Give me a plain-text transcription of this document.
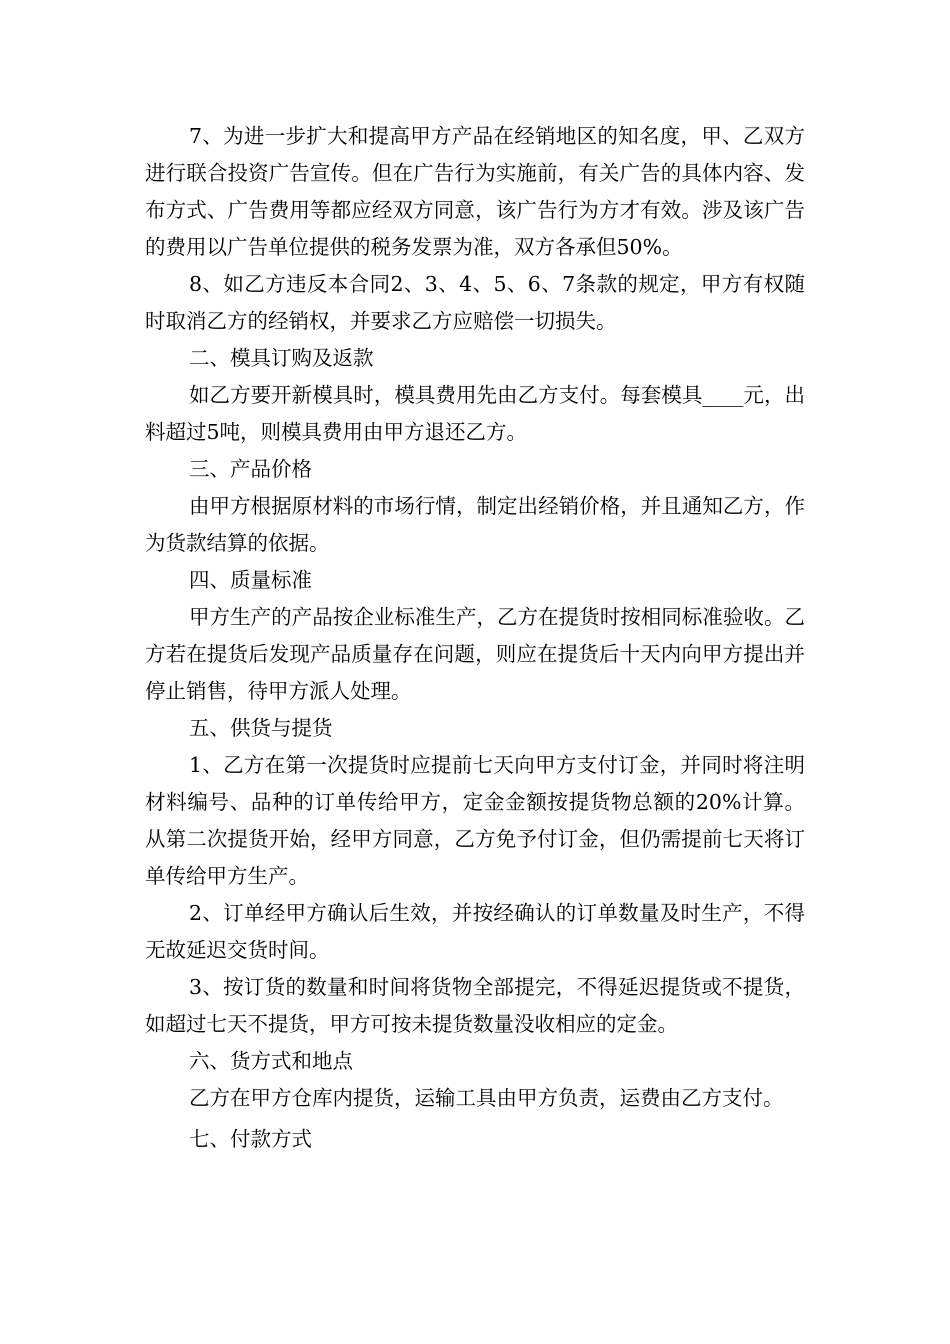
7、为进一步扩大和提高甲方产品在经销地区的知名度，甲、乙双方进行联合投资广告宣传。但在广告行为实施前，有关广告的具体内容、发布方式、广告费用等都应经双方同意，该广告行为方才有效。涉及该广告的费用以广告单位提供的税务发票为准，双方各承但50%。

8、如乙方违反本合同2、3、4、5、6、7条款的规定，甲方有权随时取消乙方的经销权，并要求乙方应赔偿一切损失。

二、模具订购及返款

如乙方要开新模具时，模具费用先由乙方支付。每套模具____元，出料超过5吨，则模具费用由甲方退还乙方。

三、产品价格

由甲方根据原材料的市场行情，制定出经销价格，并且通知乙方，作为货款结算的依据。

四、质量标准

甲方生产的产品按企业标准生产，乙方在提货时按相同标准验收。乙方若在提货后发现产品质量存在问题，则应在提货后十天内向甲方提出并停止销售，待甲方派人处理。

五、供货与提货

1、乙方在第一次提货时应提前七天向甲方支付订金，并同时将注明材料编号、品种的订单传给甲方，定金金额按提货物总额的20%计算。从第二次提货开始，经甲方同意，乙方免予付订金，但仍需提前七天将订单传给甲方生产。

2、订单经甲方确认后生效，并按经确认的订单数量及时生产，不得无故延迟交货时间。

3、按订货的数量和时间将货物全部提完，不得延迟提货或不提货，如超过七天不提货，甲方可按未提货数量没收相应的定金。

六、货方式和地点

乙方在甲方仓库内提货，运输工具由甲方负责，运费由乙方支付。

七、付款方式
